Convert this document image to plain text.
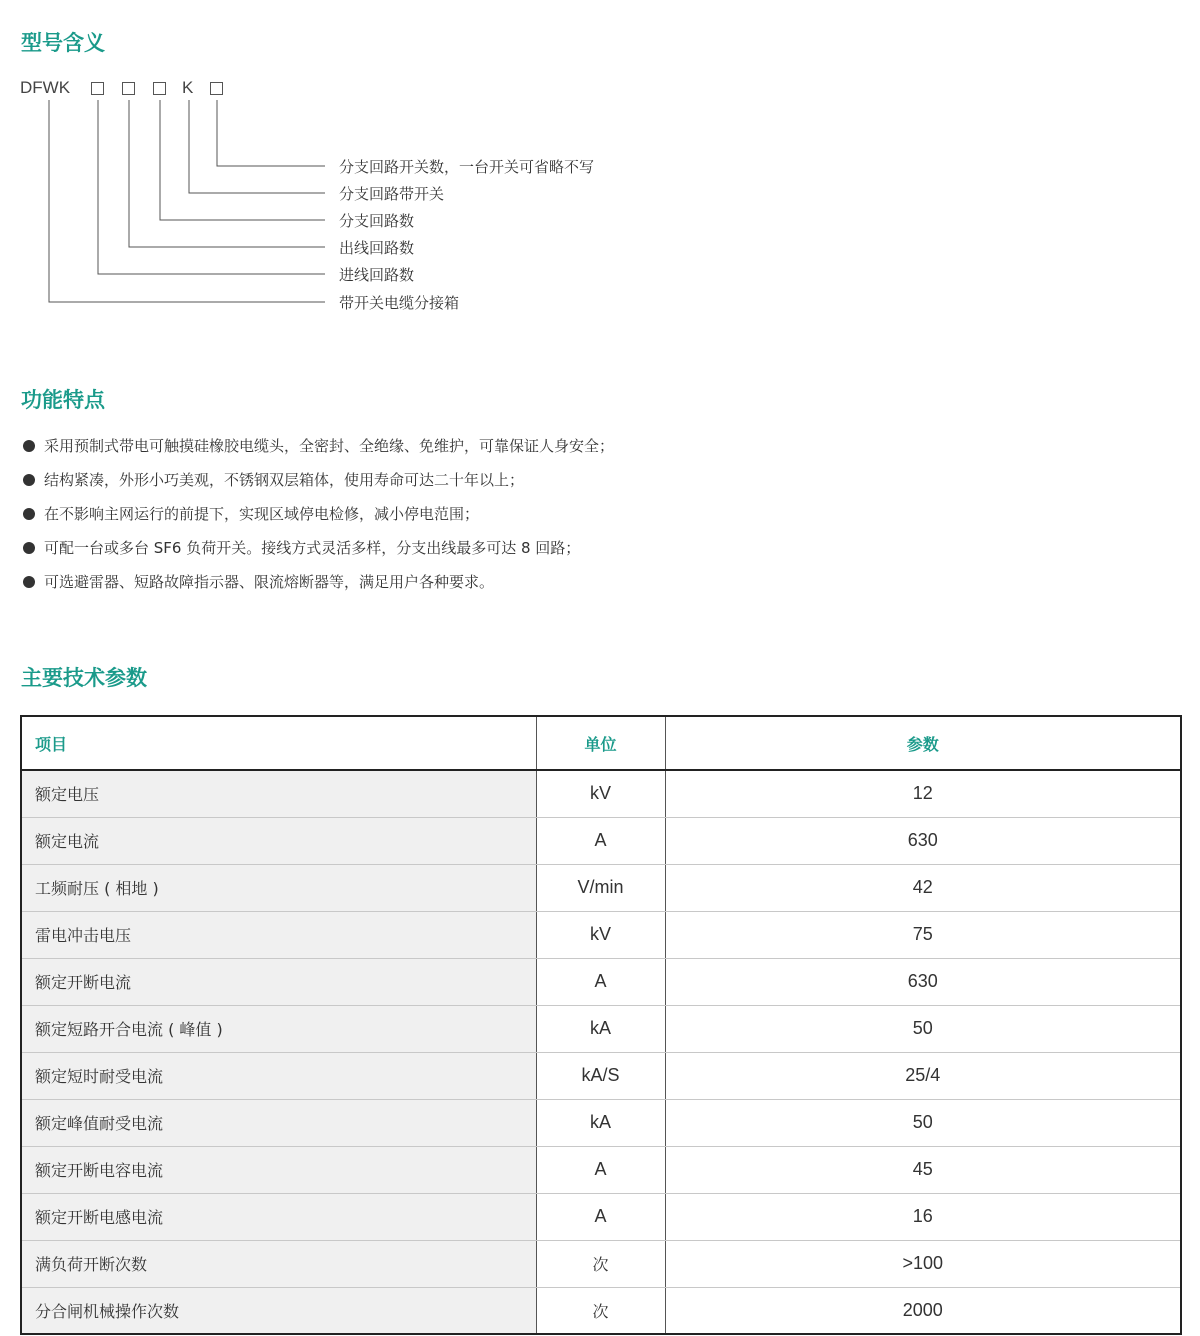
型号含义
DFWK	K
分支回路开关数，一台开关可省略不写
分支回路带开关
分支回路数
出线回路数
进线回路数
带开关电缆分接箱
功能特点
采用预制式带电可触摸硅橡胶电缆头，全密封、全绝缘、免维护，可靠保证人身安全；
结构紧凑，外形小巧美观，不锈钢双层箱体，使用寿命可达二十年以上；
在不影响主网运行的前提下，实现区域停电检修，减小停电范围；
可配一台或多台 SF6 负荷开关。接线方式灵活多样，分支出线最多可达 8 回路；
可选避雷器、短路故障指示器、限流熔断器等，满足用户各种要求。
主要技术参数
项目	单位	参数
额定电压	kV	12
额定电流	A	630
工频耐压 ( 相地 )	V/min	42
雷电冲击电压	kV	75
额定开断电流	A	630
额定短路开合电流 ( 峰值 )	kA	50
额定短时耐受电流	kA/S	25/4
额定峰值耐受电流	kA	50
额定开断电容电流	A	45
额定开断电感电流	A	16
满负荷开断次数	次	>100
分合闸机械操作次数	次	2000
